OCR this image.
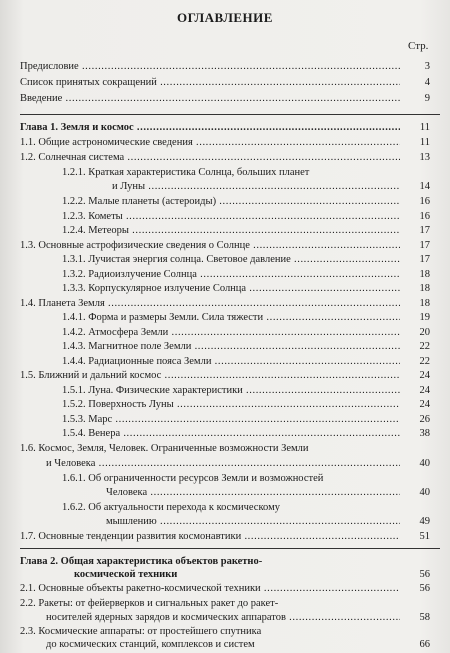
ОГЛАВЛЕНИЕ
Стр.
Предисловие .....	3
Список принятых сокращений .....	4
Введение .....	9
Глава 1. Земля и космос .....	11
1.1. Общие астрономические сведения .....	11
1.2. Солнечная система .....	13
1.2.1. Краткая характеристика Солнца, больших планет
и Луны .....	14
1.2.2. Малые планеты (астероиды) .....	16
1.2.3. Кометы .....	16
1.2.4. Метеоры .....	17
1.3. Основные астрофизические сведения о Солнце .....	17
1.3.1. Лучистая энергия солнца. Световое давление .....	17
1.3.2. Радиоизлучение Солнца .....	18
1.3.3. Корпускулярное излучение Солнца .....	18
1.4. Планета Земля .....	18
1.4.1. Форма и размеры Земли. Сила тяжести .....	19
1.4.2. Атмосфера Земли .....	20
1.4.3. Магнитное поле Земли .....	22
1.4.4. Радиационные пояса Земли .....	22
1.5. Ближний и дальний космос .....	24
1.5.1. Луна. Физические характеристики .....	24
1.5.2. Поверхность Луны .....	24
1.5.3. Марс .....	26
1.5.4. Венера .....	38
1.6. Космос, Земля, Человек. Ограниченные возможности Земли
и Человека .....	40
1.6.1. Об ограниченности ресурсов Земли и возможностей
Человека .....	40
1.6.2. Об актуальности перехода к космическому
мышлению .....	49
1.7. Основные тенденции развития космонавтики .....	51
Глава 2. Общая характеристика объектов ракетно-
космической техники	56
2.1. Основные объекты ракетно-космической техники .....	56
2.2. Ракеты: от фейерверков и сигнальных ракет до ракет-
носителей ядерных зарядов и космических аппаратов .....	58
2.3. Космические аппараты: от простейшего спутника
до космических станций, комплексов и систем	66
